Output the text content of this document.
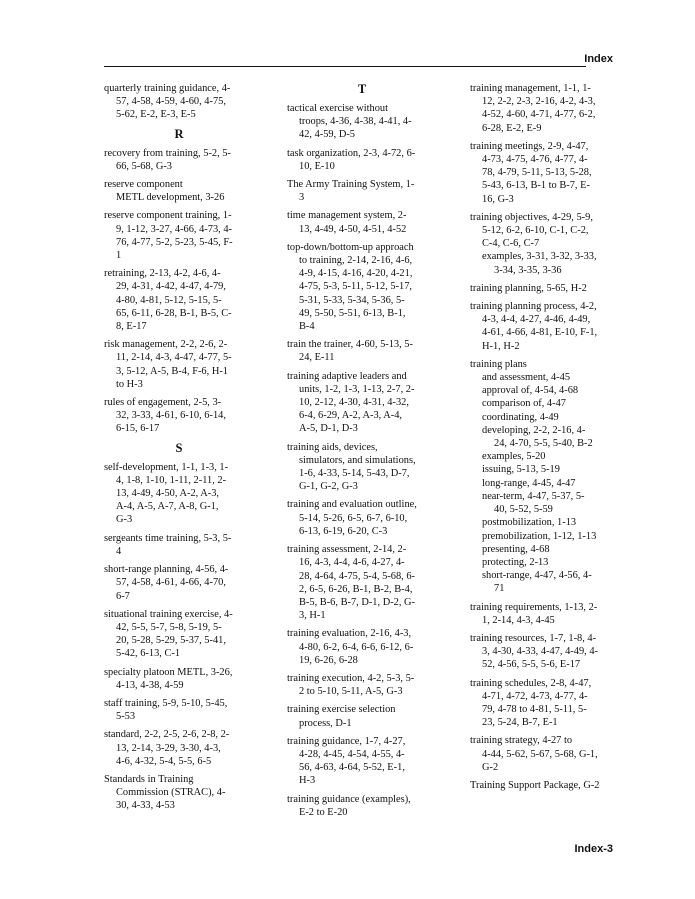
Index
quarterly training guidance, 4-
57, 4-58, 4-59, 4-60, 4-75,
5-62, E-2, E-3, E-5
R
recovery from training, 5-2, 5-
66, 5-68, G-3
reserve component
METL development, 3-26
reserve component training, 1-
9, 1-12, 3-27, 4-66, 4-73, 4-
76, 4-77, 5-2, 5-23, 5-45, F-
1
retraining, 2-13, 4-2, 4-6, 4-
29, 4-31, 4-42, 4-47, 4-79,
4-80, 4-81, 5-12, 5-15, 5-
65, 6-11, 6-28, B-1, B-5, C-
8, E-17
risk management, 2-2, 2-6, 2-
11, 2-14, 4-3, 4-47, 4-77, 5-
3, 5-12, A-5, B-4, F-6, H-1
to H-3
rules of engagement, 2-5, 3-
32, 3-33, 4-61, 6-10, 6-14,
6-15, 6-17
S
self-development, 1-1, 1-3, 1-
4, 1-8, 1-10, 1-11, 2-11, 2-
13, 4-49, 4-50, A-2, A-3,
A-4, A-5, A-7, A-8, G-1,
G-3
sergeants time training, 5-3, 5-
4
short-range planning, 4-56, 4-
57, 4-58, 4-61, 4-66, 4-70,
6-7
situational training exercise, 4-
42, 5-5, 5-7, 5-8, 5-19, 5-
20, 5-28, 5-29, 5-37, 5-41,
5-42, 6-13, C-1
specialty platoon METL, 3-26,
4-13, 4-38, 4-59
staff training, 5-9, 5-10, 5-45,
5-53
standard, 2-2, 2-5, 2-6, 2-8, 2-
13, 2-14, 3-29, 3-30, 4-3,
4-6, 4-32, 5-4, 5-5, 6-5
Standards in Training
Commission (STRAC), 4-
30, 4-33, 4-53
T
tactical exercise without
troops, 4-36, 4-38, 4-41, 4-
42, 4-59, D-5
task organization, 2-3, 4-72, 6-
10, E-10
The Army Training System, 1-
3
time management system, 2-
13, 4-49, 4-50, 4-51, 4-52
top-down/bottom-up approach
to training, 2-14, 2-16, 4-6,
4-9, 4-15, 4-16, 4-20, 4-21,
4-75, 5-3, 5-11, 5-12, 5-17,
5-31, 5-33, 5-34, 5-36, 5-
49, 5-50, 5-51, 6-13, B-1,
B-4
train the trainer, 4-60, 5-13, 5-
24, E-11
training adaptive leaders and
units, 1-2, 1-3, 1-13, 2-7, 2-
10, 2-12, 4-30, 4-31, 4-32,
6-4, 6-29, A-2, A-3, A-4,
A-5, D-1, D-3
training aids, devices,
simulators, and simulations,
1-6, 4-33, 5-14, 5-43, D-7,
G-1, G-2, G-3
training and evaluation outline,
5-14, 5-26, 6-5, 6-7, 6-10,
6-13, 6-19, 6-20, C-3
training assessment, 2-14, 2-
16, 4-3, 4-4, 4-6, 4-27, 4-
28, 4-64, 4-75, 5-4, 5-68, 6-
2, 6-5, 6-26, B-1, B-2, B-4,
B-5, B-6, B-7, D-1, D-2, G-
3, H-1
training evaluation, 2-16, 4-3,
4-80, 6-2, 6-4, 6-6, 6-12, 6-
19, 6-26, 6-28
training execution, 4-2, 5-3, 5-
2 to 5-10, 5-11, A-5, G-3
training exercise selection
process, D-1
training guidance, 1-7, 4-27,
4-28, 4-45, 4-54, 4-55, 4-
56, 4-63, 4-64, 5-52, E-1,
H-3
training guidance (examples),
E-2 to E-20
training management, 1-1, 1-
12, 2-2, 2-3, 2-16, 4-2, 4-3,
4-52, 4-60, 4-71, 4-77, 6-2,
6-28, E-2, E-9
training meetings, 2-9, 4-47,
4-73, 4-75, 4-76, 4-77, 4-
78, 4-79, 5-11, 5-13, 5-28,
5-43, 6-13, B-1 to B-7, E-
16, G-3
training objectives, 4-29, 5-9,
5-12, 6-2, 6-10, C-1, C-2,
C-4, C-6, C-7
examples, 3-31, 3-32, 3-33,
3-34, 3-35, 3-36
training planning, 5-65, H-2
training planning process, 4-2,
4-3, 4-4, 4-27, 4-46, 4-49,
4-61, 4-66, 4-81, E-10, F-1,
H-1, H-2
training plans
and assessment, 4-45
approval of, 4-54, 4-68
comparison of, 4-47
coordinating, 4-49
developing, 2-2, 2-16, 4-
24, 4-70, 5-5, 5-40, B-2
examples, 5-20
issuing, 5-13, 5-19
long-range, 4-45, 4-47
near-term, 4-47, 5-37, 5-
40, 5-52, 5-59
postmobilization, 1-13
premobilization, 1-12, 1-13
presenting, 4-68
protecting, 2-13
short-range, 4-47, 4-56, 4-
71
training requirements, 1-13, 2-
1, 2-14, 4-3, 4-45
training resources, 1-7, 1-8, 4-
3, 4-30, 4-33, 4-47, 4-49, 4-
52, 4-56, 5-5, 5-6, E-17
training schedules, 2-8, 4-47,
4-71, 4-72, 4-73, 4-77, 4-
79, 4-78 to 4-81, 5-11, 5-
23, 5-24, B-7, E-1
training strategy, 4-27 to
4-44, 5-62, 5-67, 5-68, G-1,
G-2
Training Support Package, G-2
Index-3
